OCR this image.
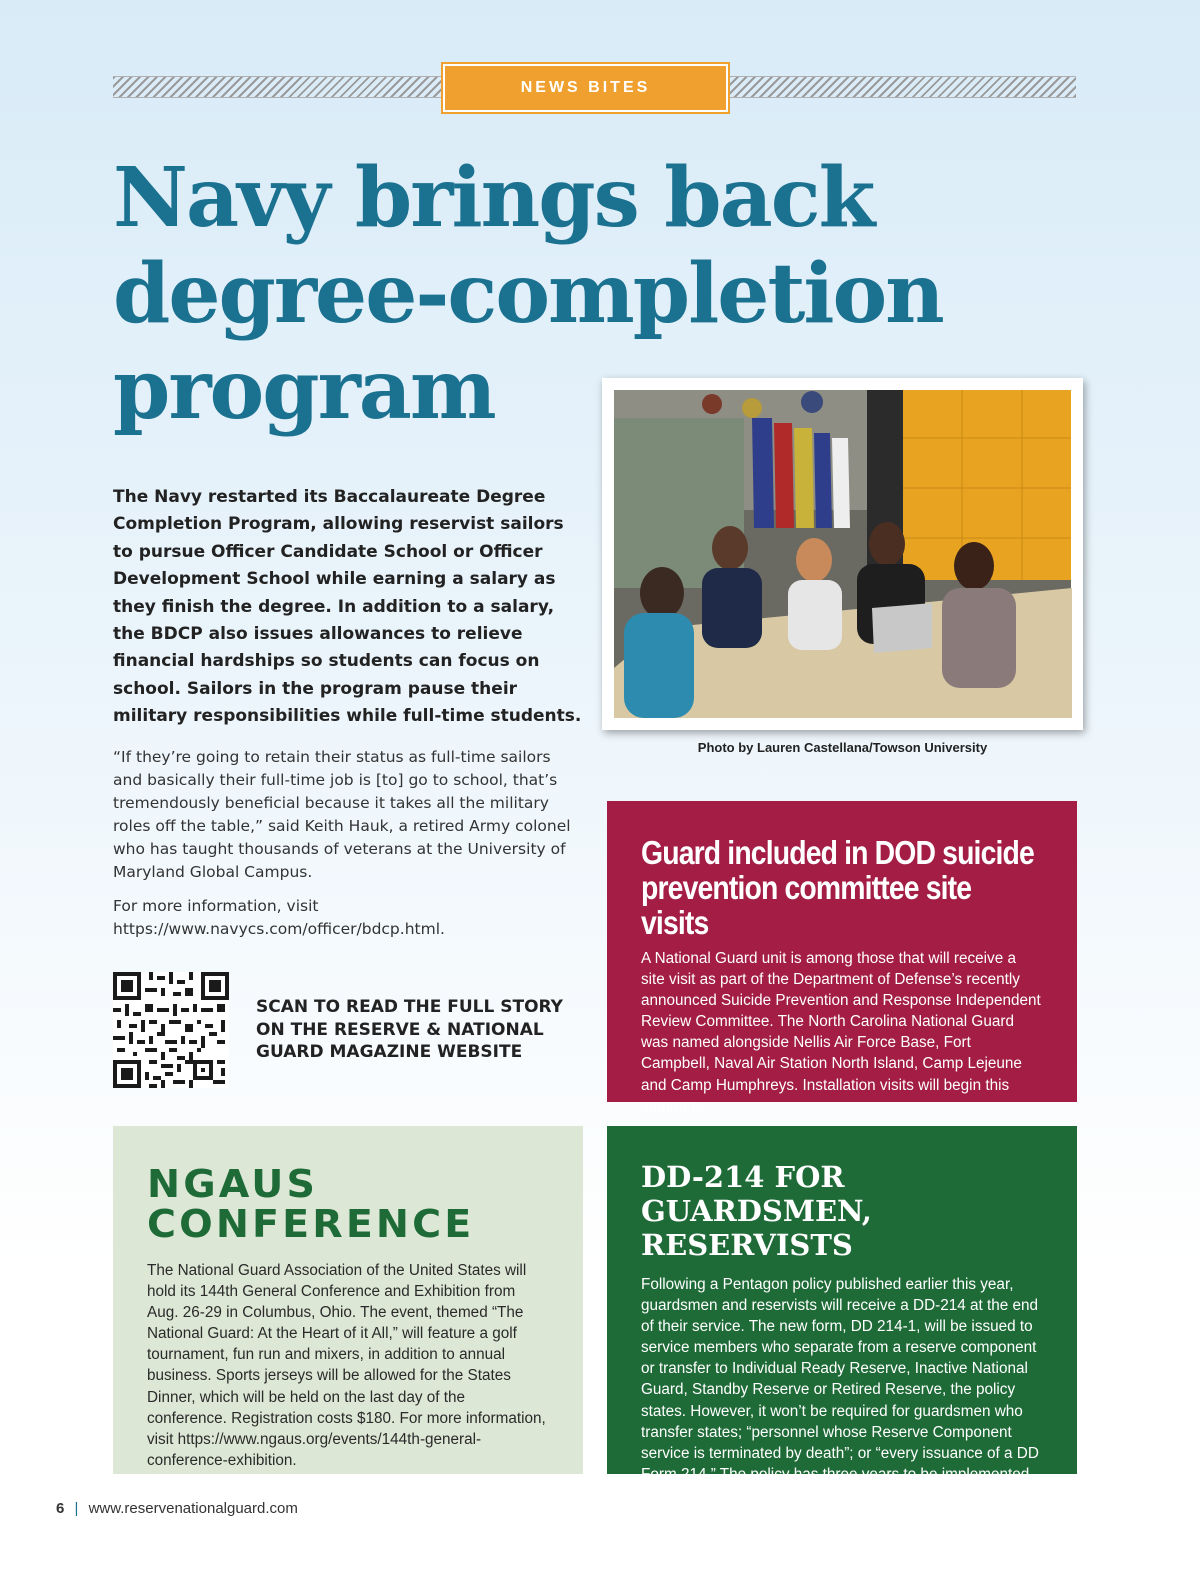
NEWS BITES
Navy brings back degree-completion program

The Navy restarted its Baccalaureate Degree Completion Program, allowing reservist sailors to pursue Officer Candidate School or Officer Development School while earning a salary as they finish the degree. In addition to a salary, the BDCP also issues allowances to relieve financial hardships so students can focus on school. Sailors in the program pause their military responsibilities while full-time students.

“If they’re going to retain their status as full-time sailors and basically their full-time job is [to] go to school, that’s tremendously beneficial because it takes all the military roles off the table,” said Keith Hauk, a retired Army colonel who has taught thousands of veterans at the University of Maryland Global Campus.

For more information, visit https://www.navycs.com/officer/bdcp.html.

Photo by Lauren Castellana/Towson University

SCAN TO READ THE FULL STORY ON THE RESERVE & NATIONAL GUARD MAGAZINE WEBSITE

Guard included in DOD suicide prevention committee site visits

A National Guard unit is among those that will receive a site visit as part of the Department of Defense’s recently announced Suicide Prevention and Response Independent Review Committee. The North Carolina National Guard was named alongside Nellis Air Force Base, Fort Campbell, Naval Air Station North Island, Camp Lejeune and Camp Humphreys. Installation visits will begin this summer.

NGAUS CONFERENCE

The National Guard Association of the United States will hold its 144th General Conference and Exhibition from Aug. 26-29 in Columbus, Ohio. The event, themed “The National Guard: At the Heart of it All,” will feature a golf tournament, fun run and mixers, in addition to annual business. Sports jerseys will be allowed for the States Dinner, which will be held on the last day of the conference. Registration costs $180. For more information, visit https://www.ngaus.org/events/144th-general-conference-exhibition.

DD-214 FOR GUARDSMEN, RESERVISTS

Following a Pentagon policy published earlier this year, guardsmen and reservists will receive a DD-214 at the end of their service. The new form, DD 214-1, will be issued to service members who separate from a reserve component or transfer to Individual Ready Reserve, Inactive National Guard, Standby Reserve or Retired Reserve, the policy states. However, it won’t be required for guardsmen who transfer states; “personnel whose Reserve Component service is terminated by death”; or “every issuance of a DD Form 214.” The policy has three years to be implemented.

6 | www.reservenationalguard.com
